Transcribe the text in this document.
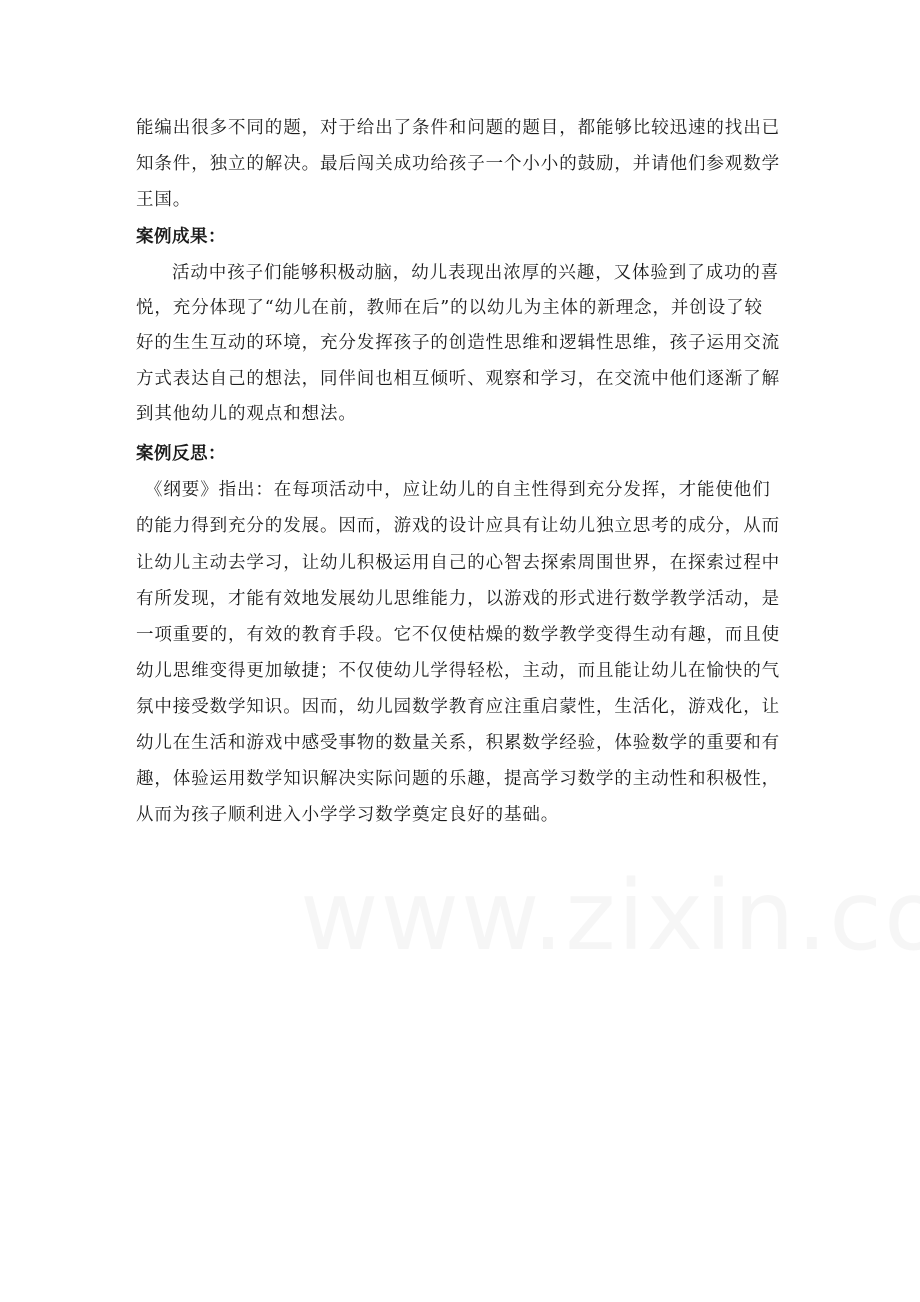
能编出很多不同的题，对于给出了条件和问题的题目，都能够比较迅速的找出已
知条件，独立的解决。最后闯关成功给孩子一个小小的鼓励，并请他们参观数学
王国。
案例成果：
活动中孩子们能够积极动脑，幼儿表现出浓厚的兴趣，又体验到了成功的喜
悦，充分体现了“幼儿在前，教师在后”的以幼儿为主体的新理念，并创设了较
好的生生互动的环境，充分发挥孩子的创造性思维和逻辑性思维，孩子运用交流
方式表达自己的想法，同伴间也相互倾听、观察和学习，在交流中他们逐渐了解
到其他幼儿的观点和想法。
案例反思：
《纲要》指出：在每项活动中，应让幼儿的自主性得到充分发挥，才能使他们
的能力得到充分的发展。因而，游戏的设计应具有让幼儿独立思考的成分，从而
让幼儿主动去学习，让幼儿积极运用自己的心智去探索周围世界，在探索过程中
有所发现，才能有效地发展幼儿思维能力，以游戏的形式进行数学教学活动，是
一项重要的，有效的教育手段。它不仅使枯燥的数学教学变得生动有趣，而且使
幼儿思维变得更加敏捷；不仅使幼儿学得轻松，主动，而且能让幼儿在愉快的气
氛中接受数学知识。因而，幼儿园数学教育应注重启蒙性，生活化，游戏化，让
幼儿在生活和游戏中感受事物的数量关系，积累数学经验，体验数学的重要和有
趣，体验运用数学知识解决实际问题的乐趣，提高学习数学的主动性和积极性，
从而为孩子顺利进入小学学习数学奠定良好的基础。
